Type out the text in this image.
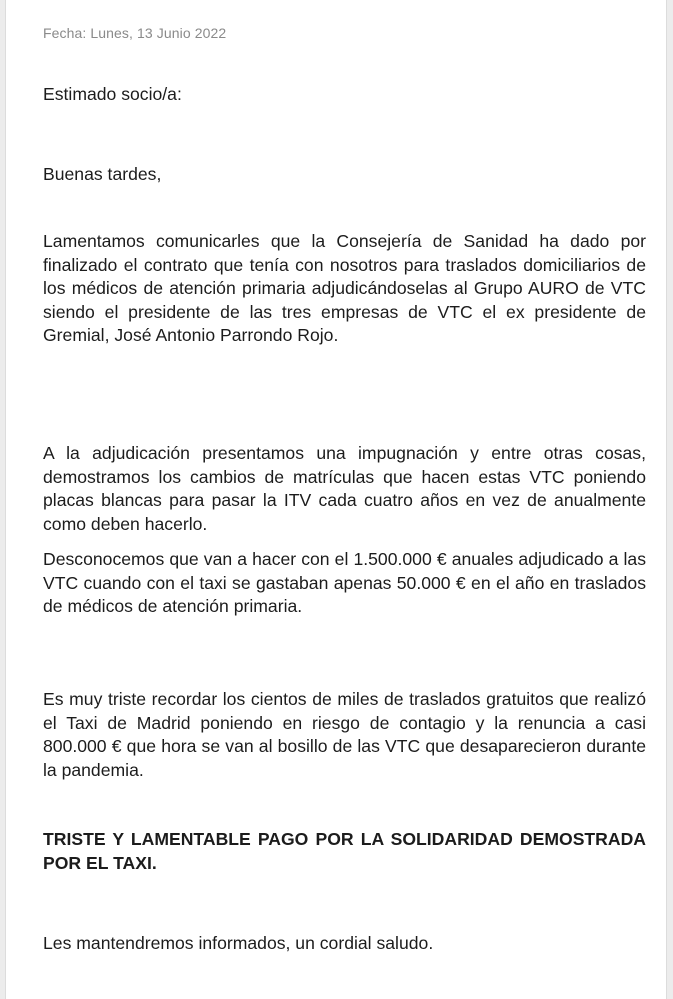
Fecha: Lunes, 13 Junio 2022

Estimado socio/a:

Buenas tardes,

Lamentamos comunicarles que la Consejería de Sanidad ha dado por finalizado el contrato que tenía con nosotros para traslados domiciliarios de los médicos de atención primaria adjudicándoselas al Grupo AURO de VTC siendo el presidente de las tres empresas de VTC el ex presidente de Gremial, José Antonio Parrondo Rojo.

A la adjudicación presentamos una impugnación y entre otras cosas, demostramos los cambios de matrículas que hacen estas VTC poniendo placas blancas para pasar la ITV cada cuatro años en vez de anualmente como deben hacerlo.

Desconocemos que van a hacer con el 1.500.000 € anuales adjudicado a las VTC cuando con el taxi se gastaban apenas 50.000 € en el año en traslados de médicos de atención primaria.

Es muy triste recordar los cientos de miles de traslados gratuitos que realizó el Taxi de Madrid poniendo en riesgo de contagio y la renuncia a casi 800.000 € que hora se van al bosillo de las VTC que desaparecieron durante la pandemia.

TRISTE Y LAMENTABLE PAGO POR LA SOLIDARIDAD DEMOSTRADA POR EL TAXI.

Les mantendremos informados, un cordial saludo.
